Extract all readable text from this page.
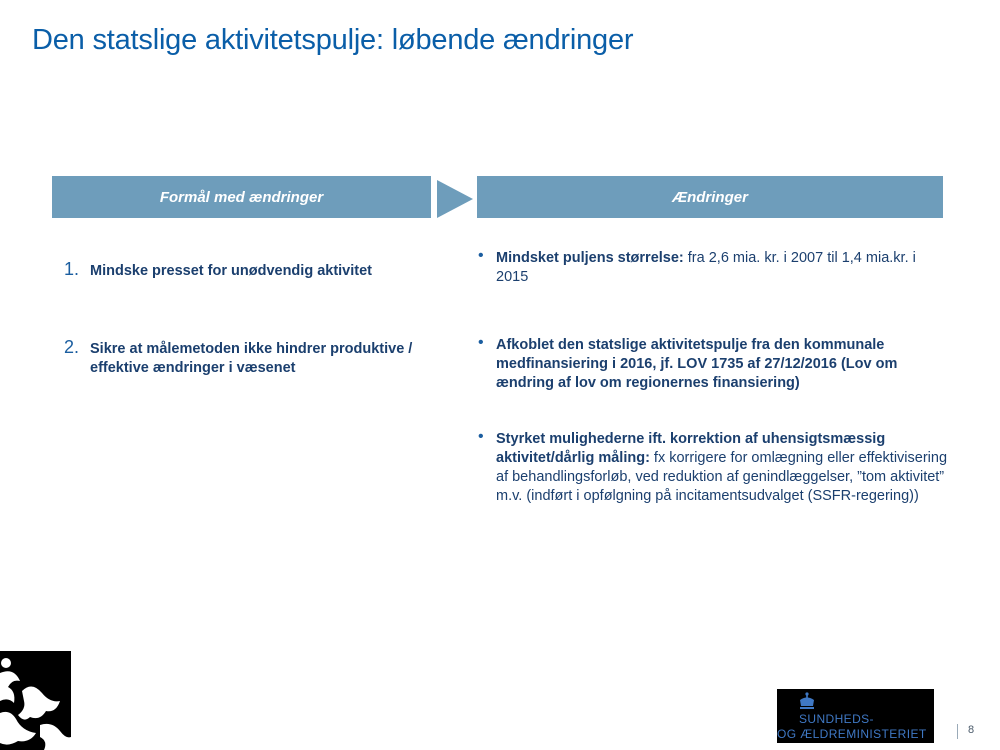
Den statslige aktivitetspulje: løbende ændringer
Formål med ændringer	Ændringer
1. Mindske presset for unødvendig aktivitet
2. Sikre at målemetoden ikke hindrer produktive / effektive ændringer i væsenet
• Mindsket puljens størrelse: fra 2,6 mia. kr. i 2007 til 1,4 mia.kr. i 2015
• Afkoblet den statslige aktivitetspulje fra den kommunale medfinansiering i 2016, jf. LOV 1735 af 27/12/2016 (Lov om ændring af lov om regionernes finansiering)
• Styrket mulighederne ift. korrektion af uhensigtsmæssig aktivitet/dårlig måling: fx korrigere for omlægning eller effektivisering af behandlingsforløb, ved reduktion af genindlæggelser, ”tom aktivitet” m.v. (indført i opfølgning på incitamentsudvalget (SSFR-regering))
SUNDHEDS-
OG ÆLDREMINISTERIET	8
